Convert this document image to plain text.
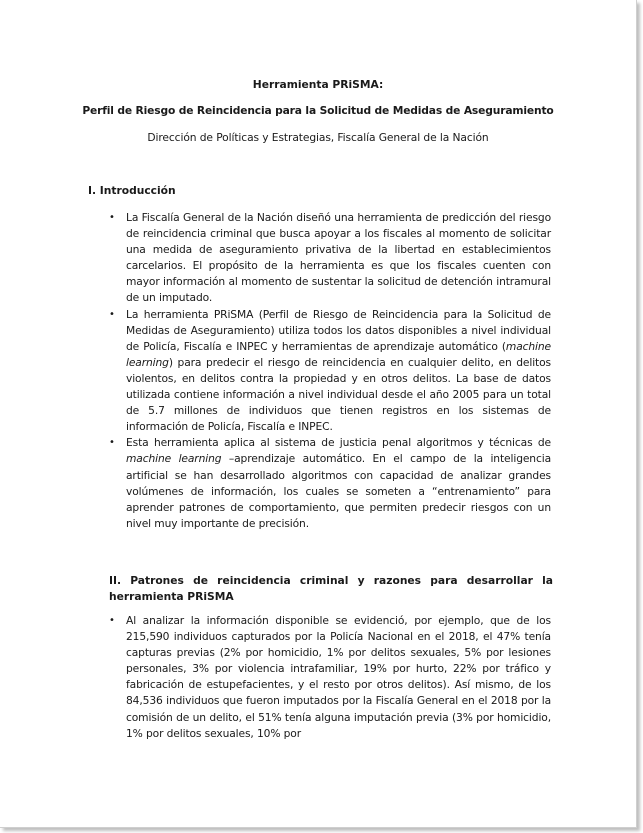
Herramienta PRiSMA:
Perfil de Riesgo de Reincidencia para la Solicitud de Medidas de Aseguramiento
Dirección de Políticas y Estrategias, Fiscalía General de la Nación
I. Introducción
• La Fiscalía General de la Nación diseñó una herramienta de predicción del riesgo de reincidencia criminal que busca apoyar a los fiscales al momento de solicitar una medida de aseguramiento privativa de la libertad en establecimientos carcelarios. El propósito de la herramienta es que los fiscales cuenten con mayor información al momento de sustentar la solicitud de detención intramural de un imputado.
• La herramienta PRiSMA (Perfil de Riesgo de Reincidencia para la Solicitud de Medidas de Aseguramiento) utiliza todos los datos disponibles a nivel individual de Policía, Fiscalía e INPEC y herramientas de aprendizaje automático (machine learning) para predecir el riesgo de reincidencia en cualquier delito, en delitos violentos, en delitos contra la propiedad y en otros delitos. La base de datos utilizada contiene información a nivel individual desde el año 2005 para un total de 5.7 millones de individuos que tienen registros en los sistemas de información de Policía, Fiscalía e INPEC.
• Esta herramienta aplica al sistema de justicia penal algoritmos y técnicas de machine learning –aprendizaje automático. En el campo de la inteligencia artificial se han desarrollado algoritmos con capacidad de analizar grandes volúmenes de información, los cuales se someten a “entrenamiento” para aprender patrones de comportamiento, que permiten predecir riesgos con un nivel muy importante de precisión.
II. Patrones de reincidencia criminal y razones para desarrollar la herramienta PRiSMA
• Al analizar la información disponible se evidenció, por ejemplo, que de los 215,590 individuos capturados por la Policía Nacional en el 2018, el 47% tenía capturas previas (2% por homicidio, 1% por delitos sexuales, 5% por lesiones personales, 3% por violencia intrafamiliar, 19% por hurto, 22% por tráfico y fabricación de estupefacientes, y el resto por otros delitos). Así mismo, de los 84,536 individuos que fueron imputados por la Fiscalía General en el 2018 por la comisión de un delito, el 51% tenía alguna imputación previa (3% por homicidio, 1% por delitos sexuales, 10% por
